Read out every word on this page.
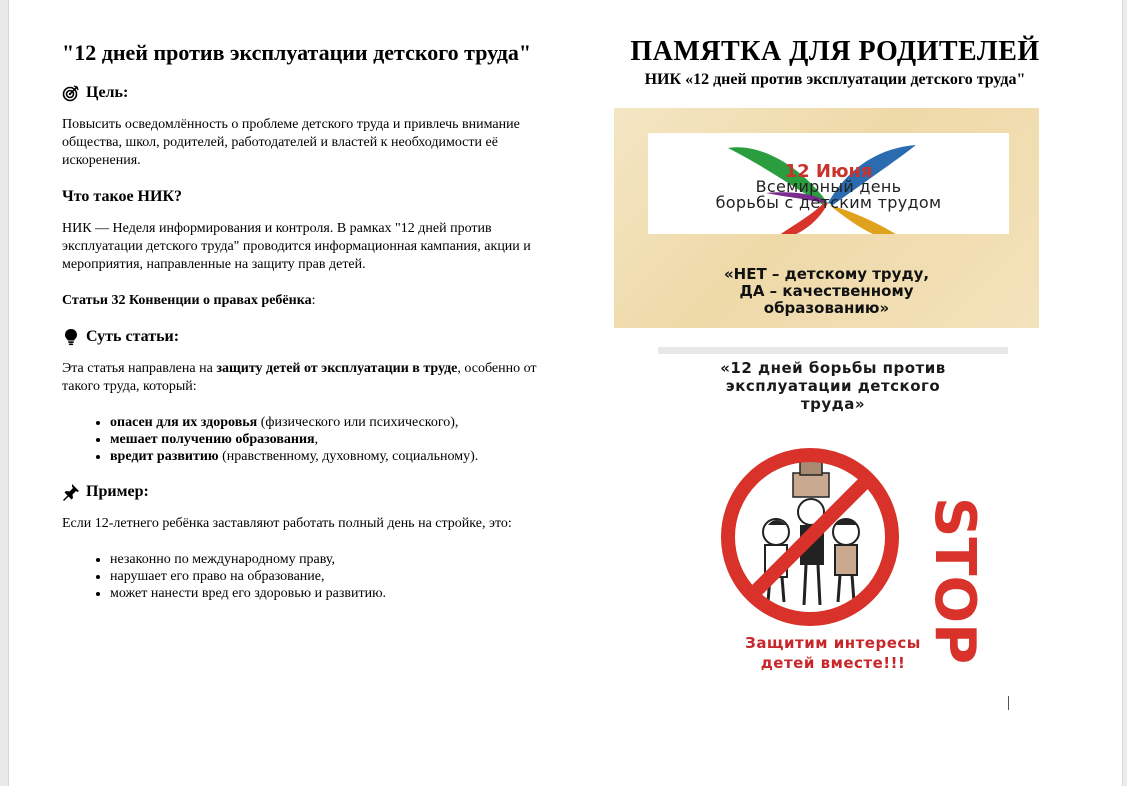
"12 дней против эксплуатации детского труда"
Цель:

Повысить осведомлённость о проблеме детского труда и привлечь внимание общества, школ, родителей, работодателей и властей к необходимости её искоренения.

Что такое НИК?

НИК — Неделя информирования и контроля. В рамках "12 дней против эксплуатации детского труда" проводится информационная кампания, акции и мероприятия, направленные на защиту прав детей.

Статьи 32 Конвенции о правах ребёнка:

Суть статьи:

Эта статья направлена на защиту детей от эксплуатации в труде, особенно от такого труда, который:

• опасен для их здоровья (физического или психического),
• мешает получению образования,
• вредит развитию (нравственному, духовному, социальному).
Пример:

Если 12-летнего ребёнка заставляют работать полный день на стройке, это:

• незаконно по международному праву,
• нарушает его право на образование,
• может нанести вред его здоровью и развитию.

ПАМЯТКА ДЛЯ РОДИТЕЛЕЙ

НИК «12 дней против эксплуатации детского труда"

12 Июня
Всемирный день
борьбы с детским трудом
«НЕТ – детскому труду,
ДА – качественному
образованию»
«12 дней борьбы против
эксплуатации детского
труда»
STOP
Защитим интересы
детей вместе!!!
